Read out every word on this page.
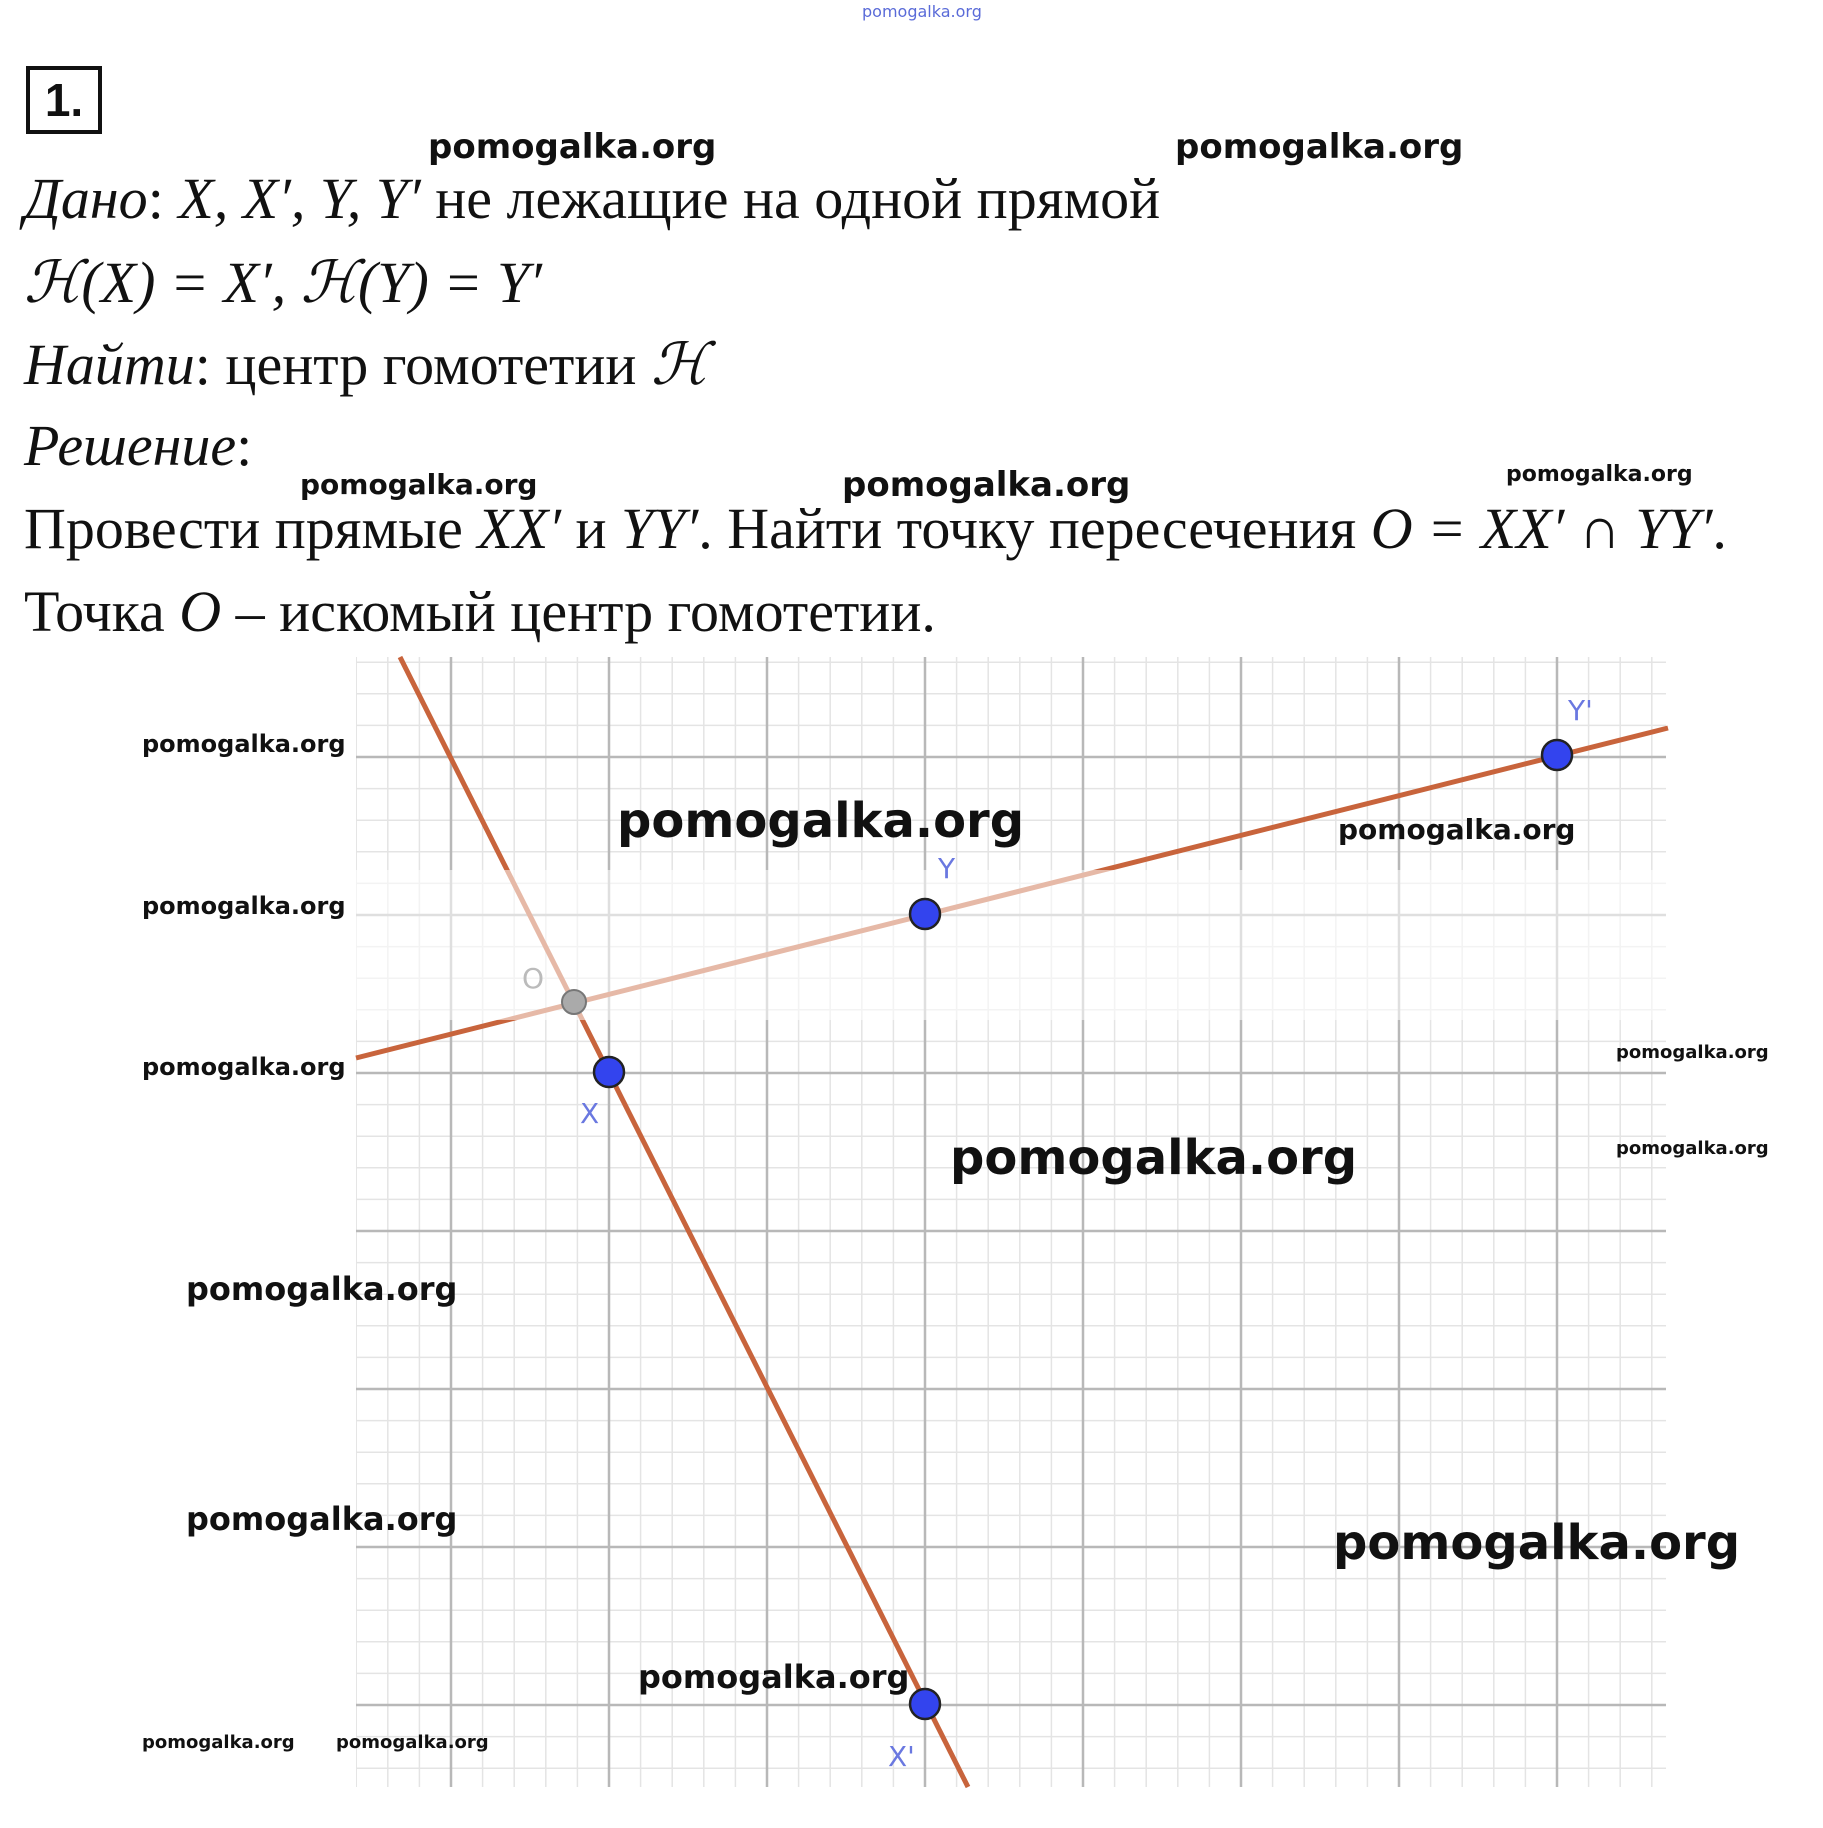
pomogalka.org
1.
Дано: X, X′, Y, Y′ не лежащие на одной прямой
ℋ(X) = X′, ℋ(Y) = Y′
Найти: центр гомотетии ℋ
Решение:
Провести прямые XX′ и YY′. Найти точку пересечения O = XX′ ∩ YY′.
Точка O – искомый центр гомотетии.
O
X
Y
Y'
X'
pomogalka.org	pomogalka.org
pomogalka.org	pomogalka.org	pomogalka.org
pomogalka.org
pomogalka.org	pomogalka.org
pomogalka.org
pomogalka.org
pomogalka.org
pomogalka.org
pomogalka.org
pomogalka.org
pomogalka.org	pomogalka.org
pomogalka.org
pomogalka.org pomogalka.org
